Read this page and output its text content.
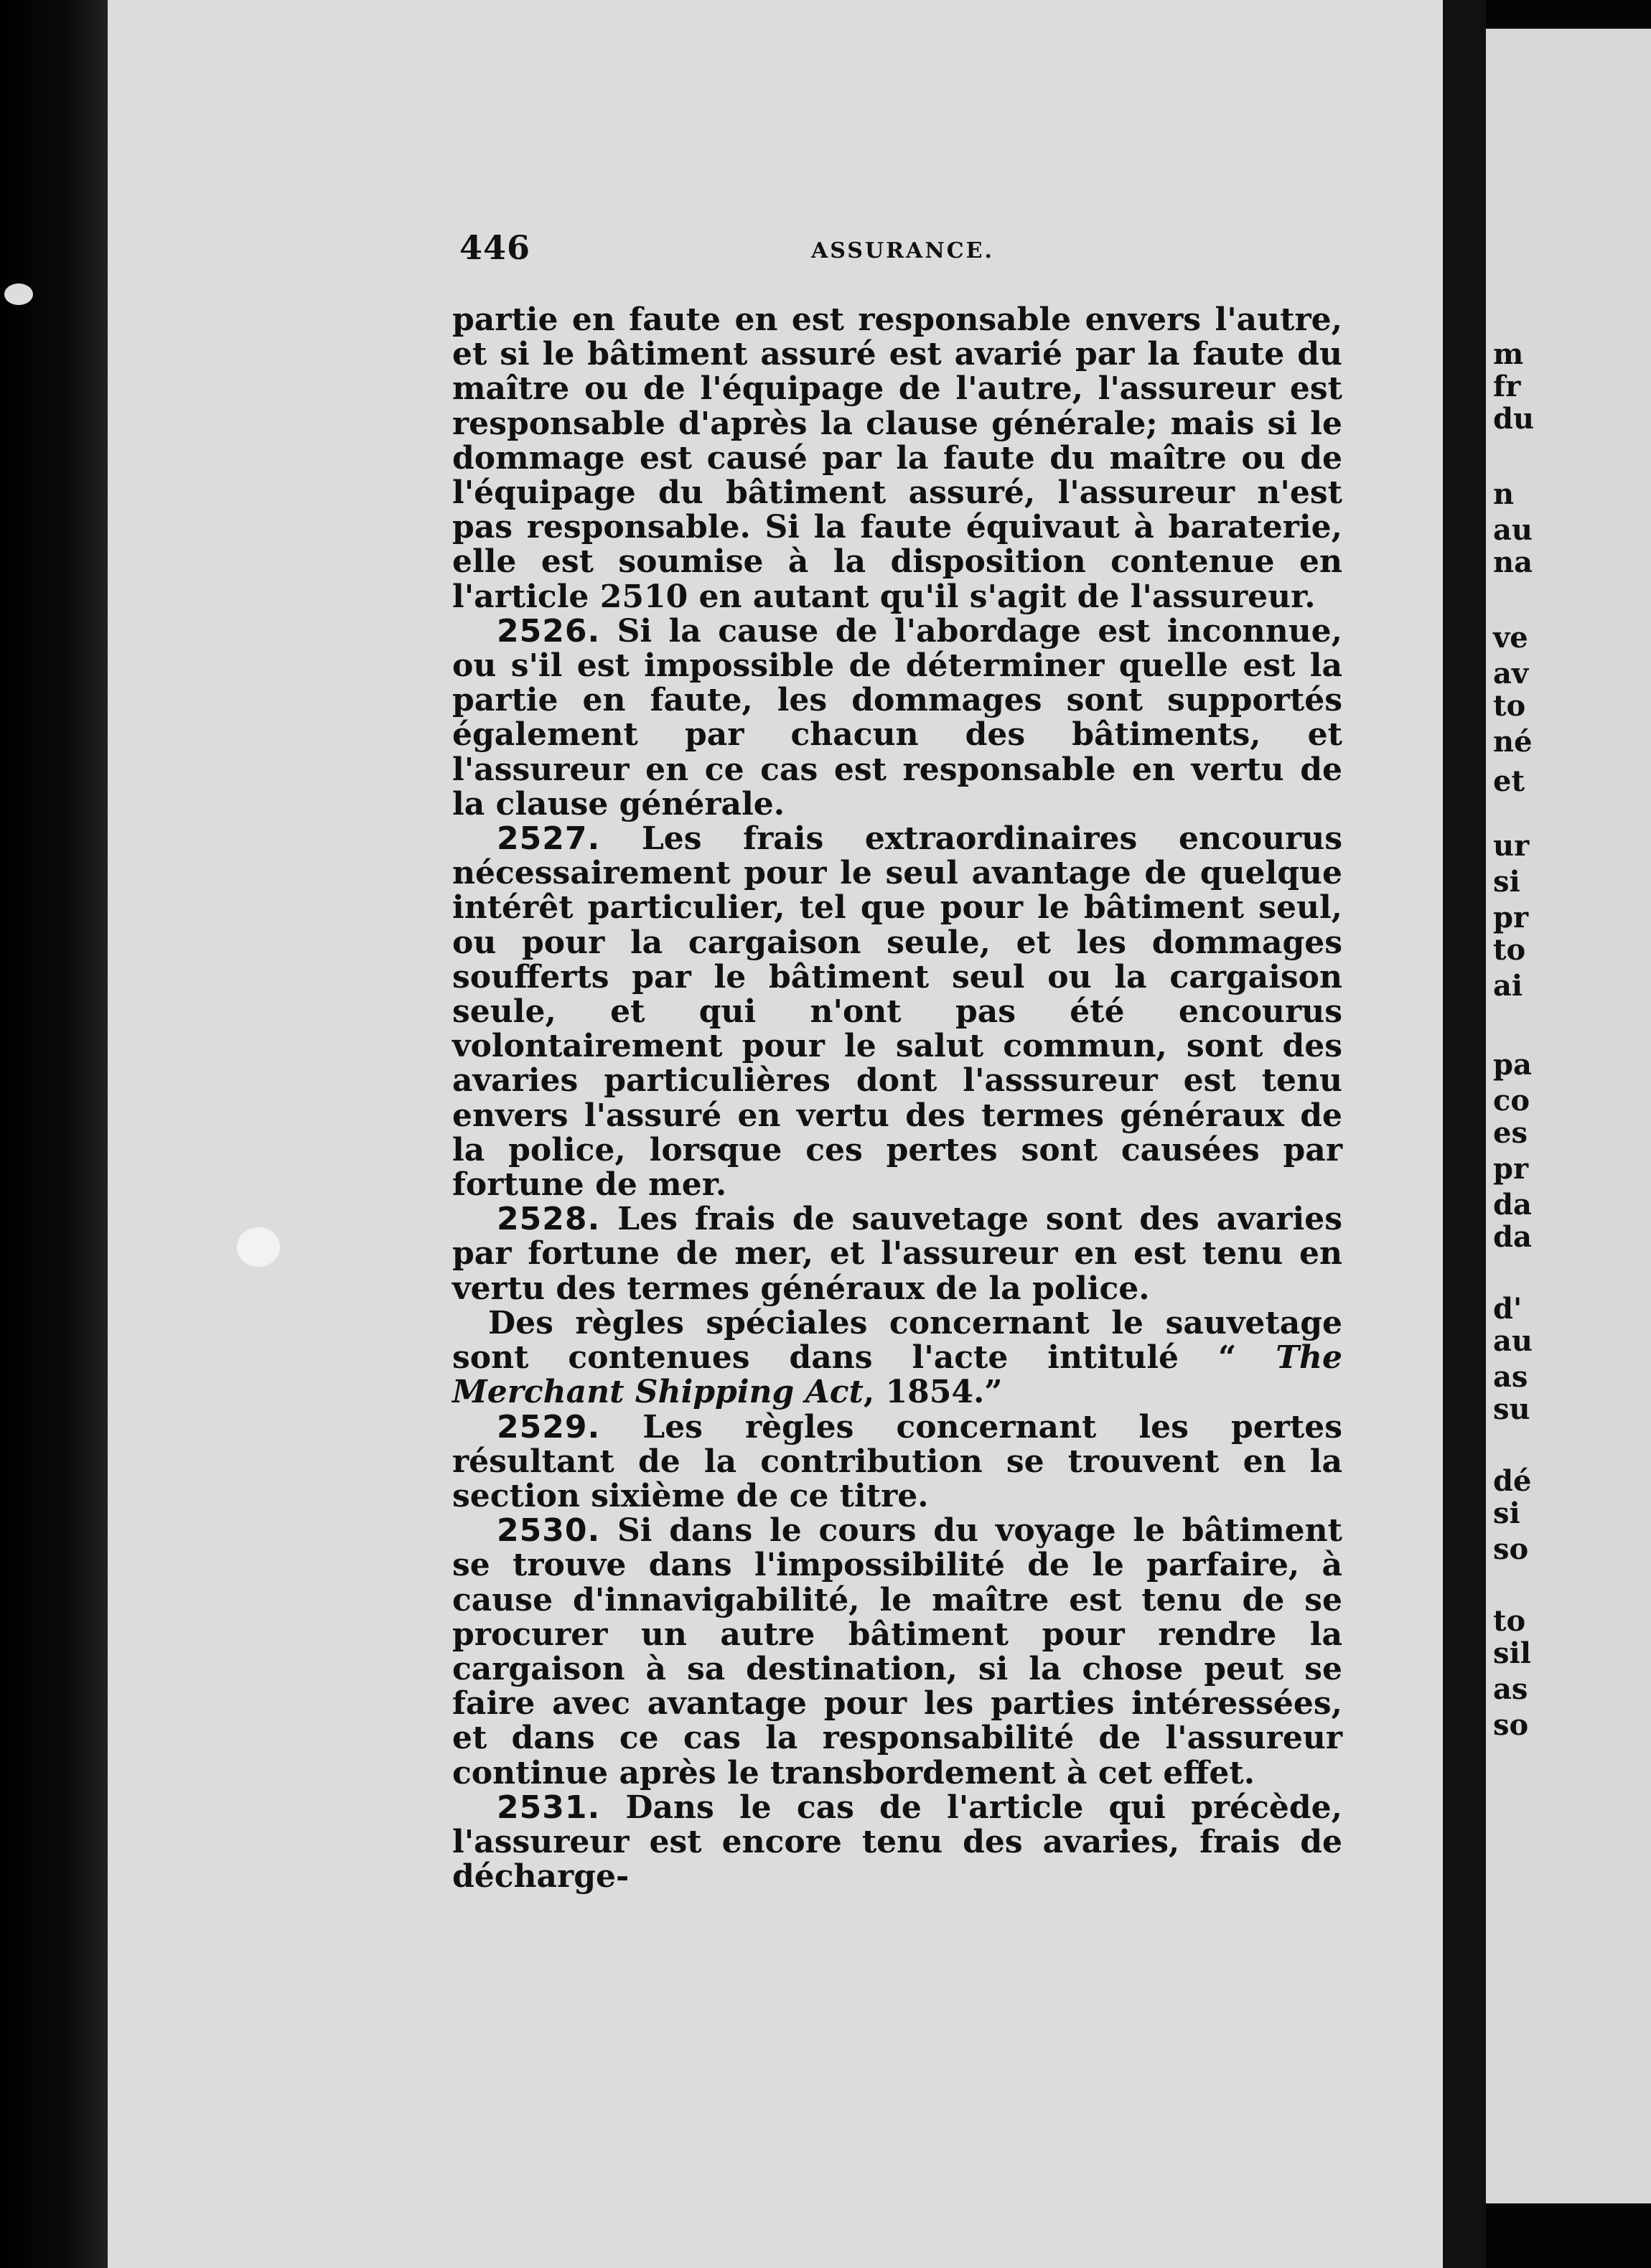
446	ASSURANCE.

partie en faute en est responsable envers l'autre, et si le bâtiment assuré est avarié par la faute du maître ou de l'équipage de l'autre, l'assureur est responsable d'après la clause générale; mais si le dommage est causé par la faute du maître ou de l'équipage du bâtiment assuré, l'assureur n'est pas responsable. Si la faute équivaut à baraterie, elle est soumise à la disposition contenue en l'article 2510 en autant qu'il s'agit de l'assureur.

2526. Si la cause de l'abordage est inconnue, ou s'il est impossible de déterminer quelle est la partie en faute, les dommages sont supportés également par chacun des bâtiments, et l'assureur en ce cas est responsable en vertu de la clause générale.

2527. Les frais extraordinaires encourus nécessairement pour le seul avantage de quelque intérêt particulier, tel que pour le bâtiment seul, ou pour la cargaison seule, et les dommages soufferts par le bâtiment seul ou la cargaison seule, et qui n'ont pas été encourus volontairement pour le salut commun, sont des avaries particulières dont l'asssureur est tenu envers l'assuré en vertu des termes généraux de la police, lorsque ces pertes sont causées par fortune de mer.

2528. Les frais de sauvetage sont des avaries par fortune de mer, et l'assureur en est tenu en vertu des termes généraux de la police.

Des règles spéciales concernant le sauvetage sont contenues dans l'acte intitulé “ The Merchant Shipping Act, 1854.”

2529. Les règles concernant les pertes résultant de la contribution se trouvent en la section sixième de ce titre.

2530. Si dans le cours du voyage le bâtiment se trouve dans l'impossibilité de le parfaire, à cause d'innavigabilité, le maître est tenu de se procurer un autre bâtiment pour rendre la cargaison à sa destination, si la chose peut se faire avec avantage pour les parties intéressées, et dans ce cas la responsabilité de l'assureur continue après le transbordement à cet effet.

2531. Dans le cas de l'article qui précède, l'assureur est encore tenu des avaries, frais de décharge-

m
fr
du
n
au
na
ve
av
to
né
et
ur
si
pr
to
ai
pa
co
es
pr
da
da
d'
au
as
su
dé
si
so
to
sil
as
so
